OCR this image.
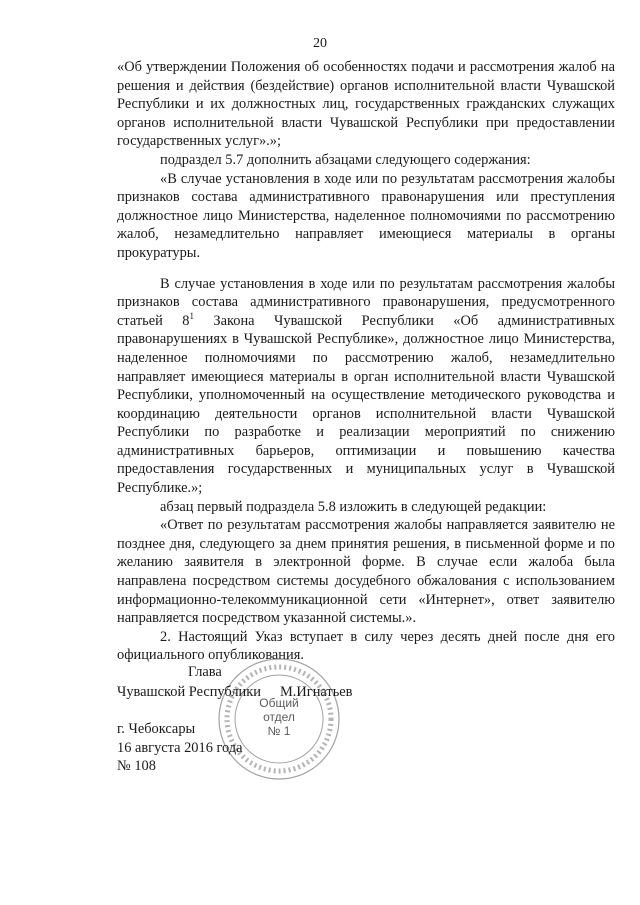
20

«Об утверждении Положения об особенностях подачи и рассмотрения жалоб на решения и действия (бездействие) органов исполнительной власти Чувашской Республики и их должностных лиц, государственных гражданских служащих органов исполнительной власти Чувашской Республики при предоставлении государственных услуг».»;

подраздел 5.7 дополнить абзацами следующего содержания:

«В случае установления в ходе или по результатам рассмотрения жалобы признаков состава административного правонарушения или преступления должностное лицо Министерства, наделенное полномочиями по рассмотрению жалоб, незамедлительно направляет имеющиеся материалы в органы прокуратуры.

В случае установления в ходе или по результатам рассмотрения жалобы признаков состава административного правонарушения, предусмотренного статьей $8^1$ Закона Чувашской Республики «Об административных правонарушениях в Чувашской Республике», должностное лицо Министерства, наделенное полномочиями по рассмотрению жалоб, незамедлительно направляет имеющиеся материалы в орган исполнительной власти Чувашской Республики, уполномоченный на осуществление методического руководства и координацию деятельности органов исполнительной власти Чувашской Республики по разработке и реализации мероприятий по снижению административных барьеров, оптимизации и повышению качества предоставления государственных и муниципальных услуг в Чувашской Республике.»;

абзац первый подраздела 5.8 изложить в следующей редакции:

«Ответ по результатам рассмотрения жалобы направляется заявителю не позднее дня, следующего за днем принятия решения, в письменной форме и по желанию заявителя в электронной форме. В случае если жалоба была направлена посредством системы досудебного обжалования с использованием информационно-телекоммуникационной сети «Интернет», ответ заявителю направляется посредством указанной системы.».

2. Настоящий Указ вступает в силу через десять дней после дня его официального опубликования.

Общий
отдел
№ 1
Глава
Чувашской Республики М.Игнатьев
г. Чебоксары
16 августа 2016 года
№ 108
